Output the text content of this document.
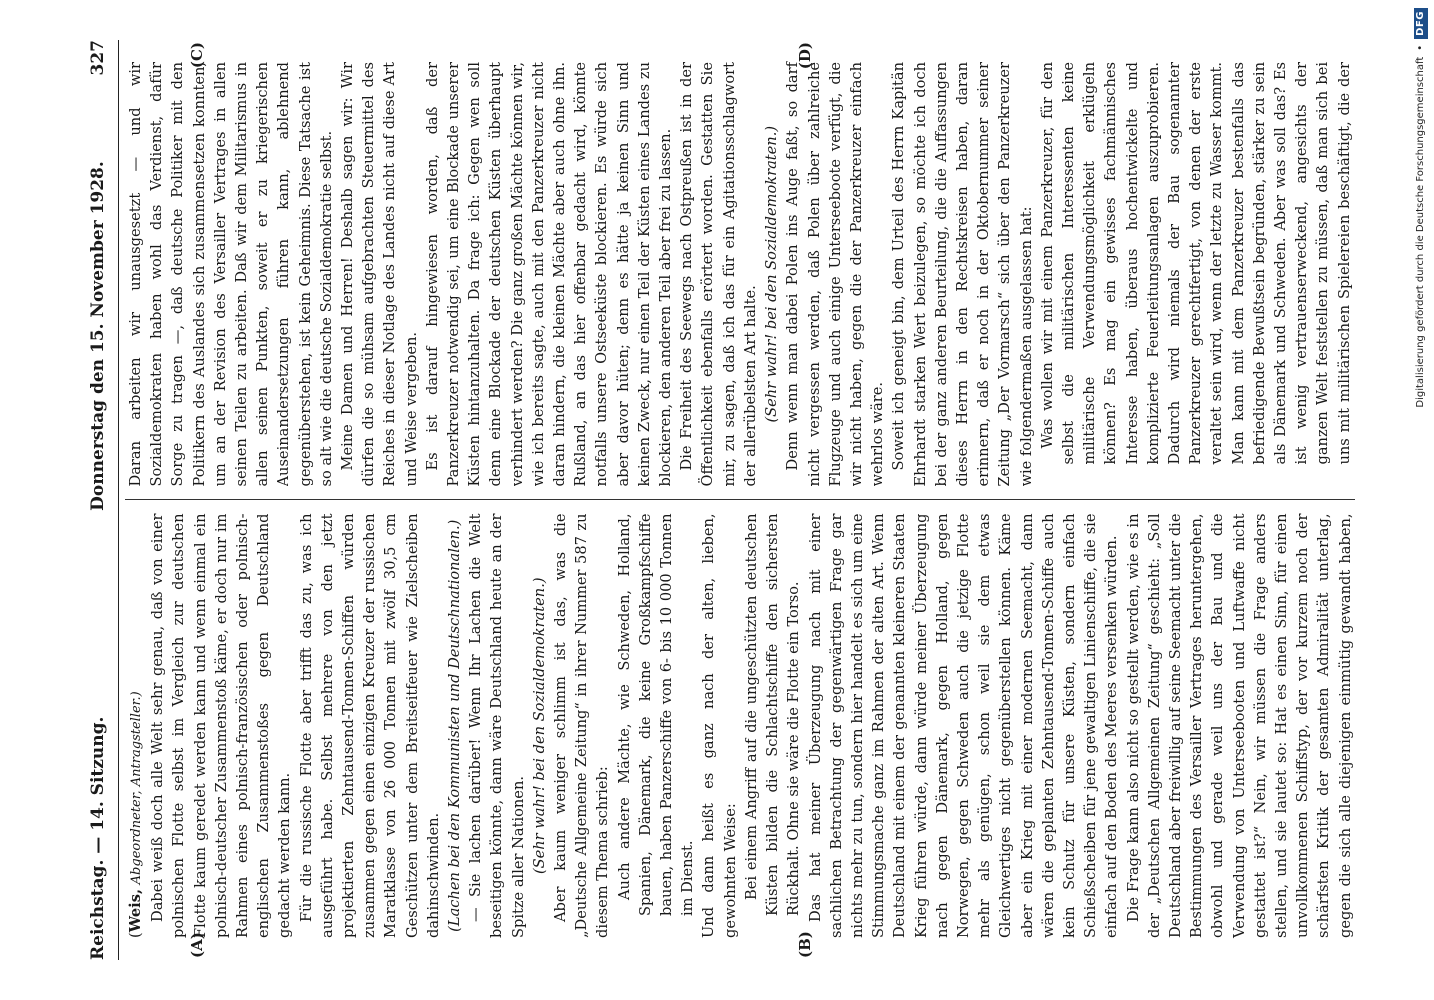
Reichstag. — 14. Sitzung.
Donnerstag den 15. November 1928.
327
(A)	(B)
(C)	(D)

(Weis, Abgeordneter, Antragsteller.) Dabei weiß doch alle Welt sehr genau, daß von einer polnischen Flotte selbst im Vergleich zur deutschen Flotte kaum geredet werden kann und wenn einmal ein polnisch-deutscher Zusammenstoß käme, er doch nur im Rahmen eines polnisch-französischen oder polnisch-englischen Zusammenstoßes gegen Deutschland gedacht werden kann. Für die russische Flotte aber trifft das zu, was ich ausgeführt habe. Selbst mehrere von den jetzt projektierten Zehntausend-Tonnen-Schiffen würden zusammen gegen einen einzigen Kreuzer der russischen Maratklasse von 26 000 Tonnen mit zwölf 30,5 cm Geschützen unter dem Breitseitfeuer wie Zielscheiben dahinschwinden. (Lachen bei den Kommunisten und Deutschnationalen.) — Sie lachen darüber! Wenn Ihr Lachen die Welt beseitigen könnte, dann wäre Deutschland heute an der Spitze aller Nationen. (Sehr wahr! bei den Sozialdemokraten.) Aber kaum weniger schlimm ist das, was die „Deutsche Allgemeine Zeitung“ in ihrer Nummer 587 zu diesem Thema schrieb: Auch andere Mächte, wie Schweden, Holland, Spanien, Dänemark, die keine Großkampfschiffe bauen, haben Panzerschiffe von 6- bis 10 000 Tonnen im Dienst. Und dann heißt es ganz nach der alten, lieben, gewohnten Weise: Bei einem Angriff auf die ungeschützten deutschen Küsten bilden die Schlachtschiffe den sichersten Rückhalt. Ohne sie wäre die Flotte ein Torso. Das hat meiner Überzeugung nach mit einer sachlichen Betrachtung der gegenwärtigen Frage gar nichts mehr zu tun, sondern hier handelt es sich um eine Stimmungsmache ganz im Rahmen der alten Art. Wenn Deutschland mit einem der genannten kleineren Staaten Krieg führen würde, dann würde meiner Überzeugung nach gegen Dänemark, gegen Holland, gegen Norwegen, gegen Schweden auch die jetzige Flotte mehr als genügen, schon weil sie dem etwas Gleichwertiges nicht gegenüberstellen können. Käme aber ein Krieg mit einer modernen Seemacht, dann wären die geplanten Zehntausend-Tonnen-Schiffe auch kein Schutz für unsere Küsten, sondern einfach Schießscheiben für jene gewaltigen Linienschiffe, die sie einfach auf den Boden des Meeres versenken würden. Die Frage kann also nicht so gestellt werden, wie es in der „Deutschen Allgemeinen Zeitung“ geschieht: „Soll Deutschland aber freiwillig auf seine Seemacht unter die Bestimmungen des Versailler Vertrages heruntergehen, obwohl und gerade weil uns der Bau und die Verwendung von Unterseebooten und Luftwaffe nicht gestattet ist?“ Nein, wir müssen die Frage anders stellen, und sie lautet so: Hat es einen Sinn, für einen unvollkommenen Schiffstyp, der vor kurzem noch der schärfsten Kritik der gesamten Admiralität unterlag, gegen die sich alle diejenigen einmütig gewandt haben,

Daran arbeiten wir unausgesetzt — und wir Sozialdemokraten haben wohl das Verdienst, dafür Sorge zu tragen —, daß deutsche Politiker mit den Politikern des Auslandes sich zusammensetzen konnten, um an der Revision des Versailler Vertrages in allen seinen Teilen zu arbeiten. Daß wir dem Militarismus in allen seinen Punkten, soweit er zu kriegerischen Auseinandersetzungen führen kann, ablehnend gegenüberstehen, ist kein Geheimnis. Diese Tatsache ist so alt wie die deutsche Sozialdemokratie selbst. Meine Damen und Herren! Deshalb sagen wir: Wir dürfen die so mühsam aufgebrachten Steuermittel des Reiches in dieser Notlage des Landes nicht auf diese Art und Weise vergeben. Es ist darauf hingewiesen worden, daß der Panzerkreuzer notwendig sei, um eine Blockade unserer Küsten hintanzuhalten. Da frage ich: Gegen wen soll denn eine Blockade der deutschen Küsten überhaupt verhindert werden? Die ganz großen Mächte können wir, wie ich bereits sagte, auch mit den Panzerkreuzer nicht daran hindern, die kleinen Mächte aber auch ohne ihn. Rußland, an das hier offenbar gedacht wird, könnte notfalls unsere Ostseeküste blockieren. Es würde sich aber davor hüten; denn es hätte ja keinen Sinn und keinen Zweck, nur einen Teil der Küsten eines Landes zu blockieren, den anderen Teil aber frei zu lassen. Die Freiheit des Seewegs nach Ostpreußen ist in der Öffentlichkeit ebenfalls erörtert worden. Gestatten Sie mir, zu sagen, daß ich das für ein Agitationsschlagwort der allerübelsten Art halte. (Sehr wahr! bei den Sozialdemokraten.) Denn wenn man dabei Polen ins Auge faßt, so darf nicht vergessen werden, daß Polen über zahlreiche Flugzeuge und auch einige Unterseeboote verfügt, die wir nicht haben, gegen die der Panzerkreuzer einfach wehrlos wäre. Soweit ich geneigt bin, dem Urteil des Herrn Kapitän Ehrhardt starken Wert beizulegen, so möchte ich doch bei der ganz anderen Beurteilung, die die Auffassungen dieses Herrn in den Rechtskreisen haben, daran erinnern, daß er noch in der Oktobernummer seiner Zeitung „Der Vormarsch“ sich über den Panzerkreuzer wie folgendermaßen ausgelassen hat: Was wollen wir mit einem Panzerkreuzer, für den selbst die militärischen Interessenten keine militärische Verwendungsmöglichkeit erklügeln können? Es mag ein gewisses fachmännisches Interesse haben, überaus hochentwickelte und komplizierte Feuerleitungsanlagen auszuprobieren. Dadurch wird niemals der Bau sogenannter Panzerkreuzer gerechtfertigt, von denen der erste veraltet sein wird, wenn der letzte zu Wasser kommt. Man kann mit dem Panzerkreuzer bestenfalls das befriedigende Bewußtsein begründen, stärker zu sein als Dänemark und Schweden. Aber was soll das? Es ist wenig vertrauenserweckend, angesichts der ganzen Welt feststellen zu müssen, daß man sich bei uns mit militärischen Spielereien beschäftigt, die der	Digitalisierung gefördert durch die Deutsche Forschungsgemeinschaft
•
DFG
